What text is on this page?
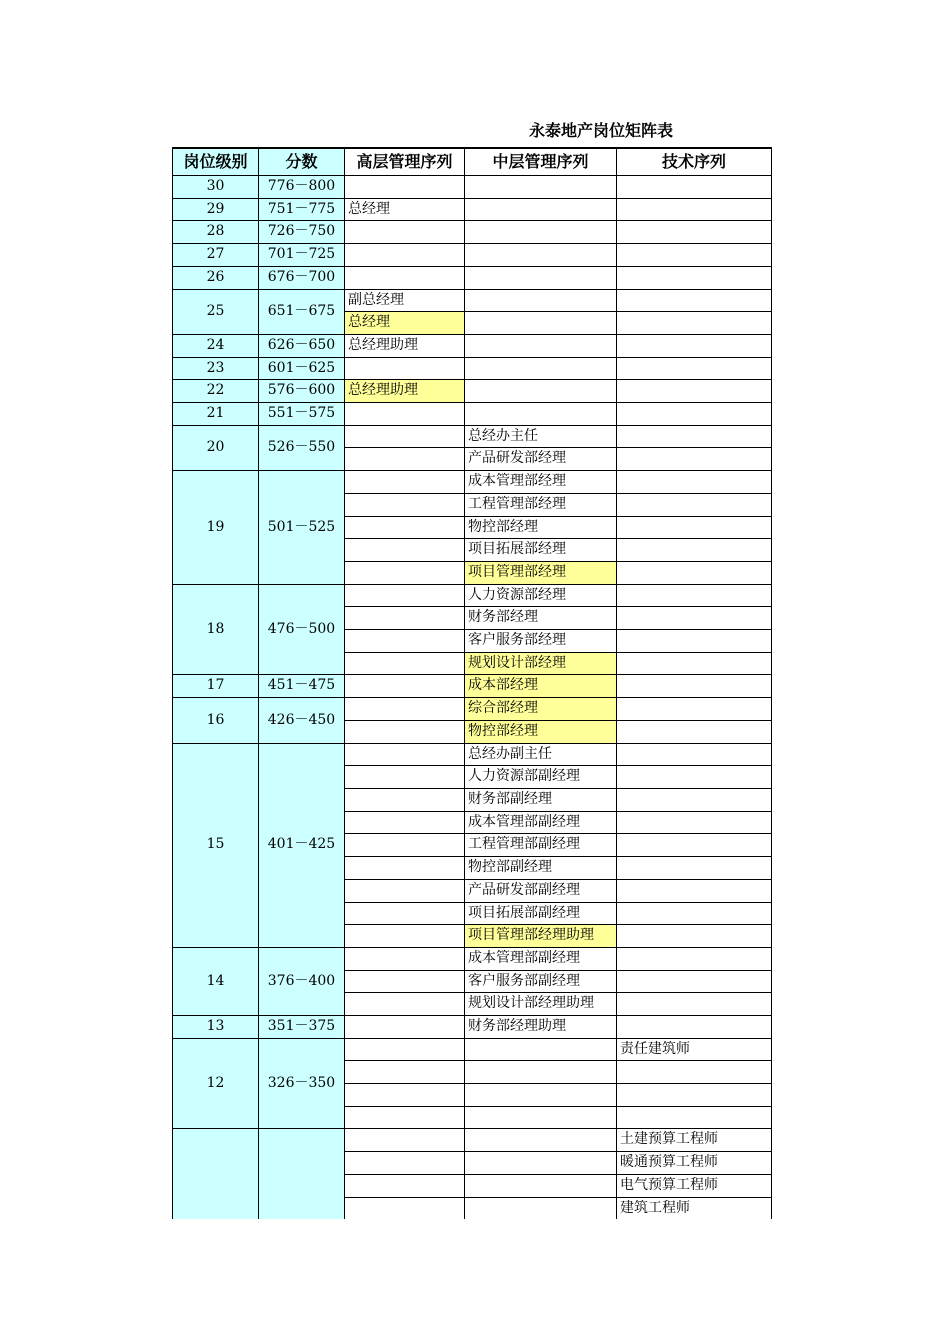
永泰地产岗位矩阵表
岗位级别	分数	高层管理序列	中层管理序列	技术序列
30	776－800			
29	751－775	总经理		
28	726－750			
27	701－725			
26	676－700			
25	651－675	副总经理		
		总经理		
24	626－650	总经理助理		
23	601－625			
22	576－600	总经理助理		
21	551－575			
20	526－550		总经办主任	
			产品研发部经理	
19	501－525		成本管理部经理	
			工程管理部经理	
			物控部经理	
			项目拓展部经理	
			项目管理部经理	
18	476－500		人力资源部经理	
			财务部经理	
			客户服务部经理	
			规划设计部经理	
17	451－475		成本部经理	
16	426－450		综合部经理	
			物控部经理	
15	401－425		总经办副主任	
			人力资源部副经理	
			财务部副经理	
			成本管理部副经理	
			工程管理部副经理	
			物控部副经理	
			产品研发部副经理	
			项目拓展部副经理	
			项目管理部经理助理	
14	376－400		成本管理部副经理	
			客户服务部副经理	
			规划设计部经理助理	
13	351－375		财务部经理助理	
12	326－350			责任建筑师

				土建预算工程师
				暖通预算工程师
				电气预算工程师
				建筑工程师
